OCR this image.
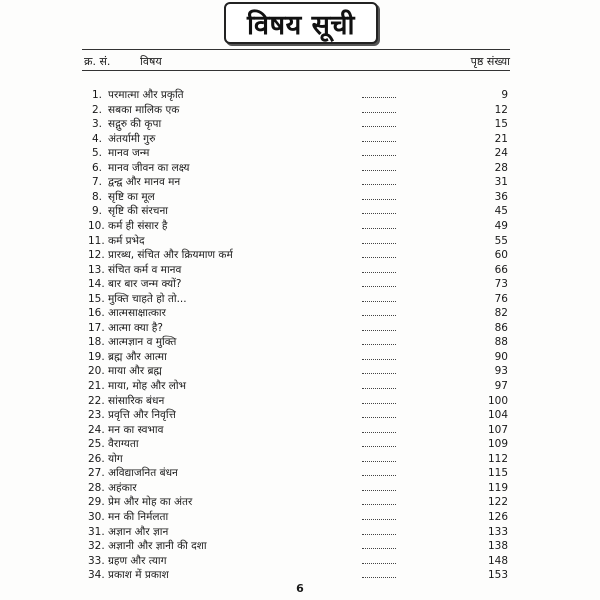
विषय सूची
क्र. सं.	विषय	पृष्ठ संख्या
1. परमात्मा और प्रकृति	9
2. सबका मालिक एक	12
3. सद्गुरु की कृपा	15
4. अंतर्यामी गुरु	21
5. मानव जन्म	24
6. मानव जीवन का लक्ष्य	28
7. द्वन्द्व और मानव मन	31
8. सृष्टि का मूल	36
9. सृष्टि की संरचना	45
10. कर्म ही संसार है	49
11. कर्म प्रभेद	55
12. प्रारब्ध, संचित और क्रियमाण कर्म	60
13. संचित कर्म व मानव	66
14. बार बार जन्म क्यों?	73
15. मुक्ति चाहते हो तो...	76
16. आत्मसाक्षात्कार	82
17. आत्मा क्या है?	86
18. आत्मज्ञान व मुक्ति	88
19. ब्रह्म और आत्मा	90
20. माया और ब्रह्म	93
21. माया, मोह और लोभ	97
22. सांसारिक बंधन	100
23. प्रवृत्ति और निवृत्ति	104
24. मन का स्वभाव	107
25. वैराग्यता	109
26. योग	112
27. अविद्याजनित बंधन	115
28. अहंकार	119
29. प्रेम और मोह का अंतर	122
30. मन की निर्मलता	126
31. अज्ञान और ज्ञान	133
32. अज्ञानी और ज्ञानी की दशा	138
33. ग्रहण और त्याग	148
34. प्रकाश में प्रकाश	153
6
